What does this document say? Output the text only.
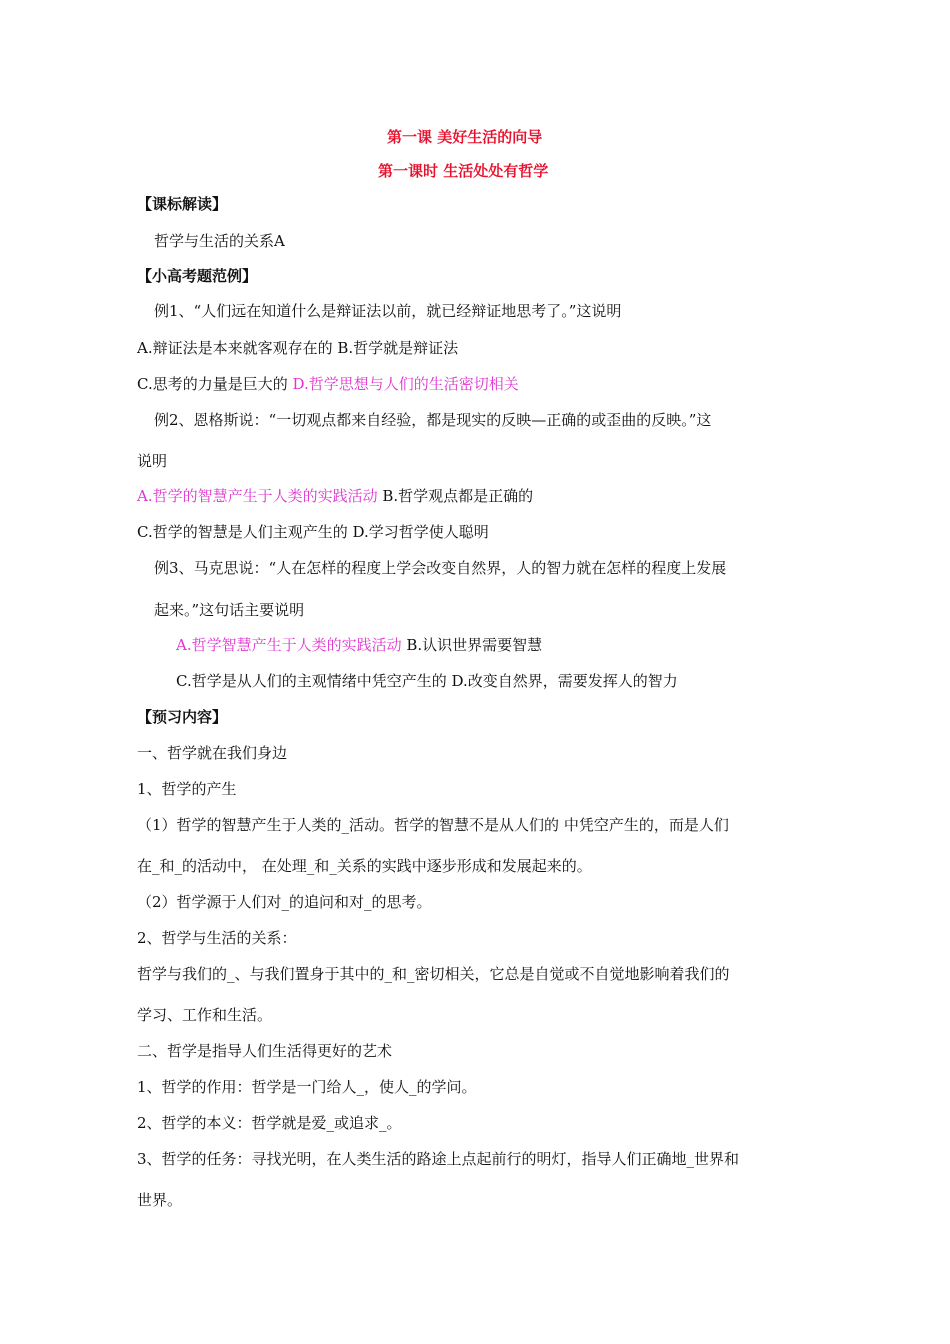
第一课 美好生活的向导
第一课时 生活处处有哲学
【课标解读】
哲学与生活的关系A
【小高考题范例】
例1、“人们远在知道什么是辩证法以前，就已经辩证地思考了。”这说明
A.辩证法是本来就客观存在的 B.哲学就是辩证法
C.思考的力量是巨大的 D.哲学思想与人们的生活密切相关
例2、恩格斯说：“一切观点都来自经验，都是现实的反映—正确的或歪曲的反映。”这
说明
A.哲学的智慧产生于人类的实践活动 B.哲学观点都是正确的
C.哲学的智慧是人们主观产生的 D.学习哲学使人聪明
例3、马克思说：“人在怎样的程度上学会改变自然界，人的智力就在怎样的程度上发展
起来。”这句话主要说明
A.哲学智慧产生于人类的实践活动 B.认识世界需要智慧
C.哲学是从人们的主观情绪中凭空产生的 D.改变自然界，需要发挥人的智力
【预习内容】
一、哲学就在我们身边
1、哲学的产生
（1）哲学的智慧产生于人类的_活动。哲学的智慧不是从人们的 中凭空产生的，而是人们
在_和_的活动中， 在处理_和_关系的实践中逐步形成和发展起来的。
（2）哲学源于人们对_的追问和对_的思考。
2、哲学与生活的关系：
哲学与我们的_、与我们置身于其中的_和_密切相关，它总是自觉或不自觉地影响着我们的
学习、工作和生活。
二、哲学是指导人们生活得更好的艺术
1、哲学的作用：哲学是一门给人_，使人_的学问。
2、哲学的本义：哲学就是爱_或追求_。
3、哲学的任务：寻找光明，在人类生活的路途上点起前行的明灯，指导人们正确地_世界和
世界。
